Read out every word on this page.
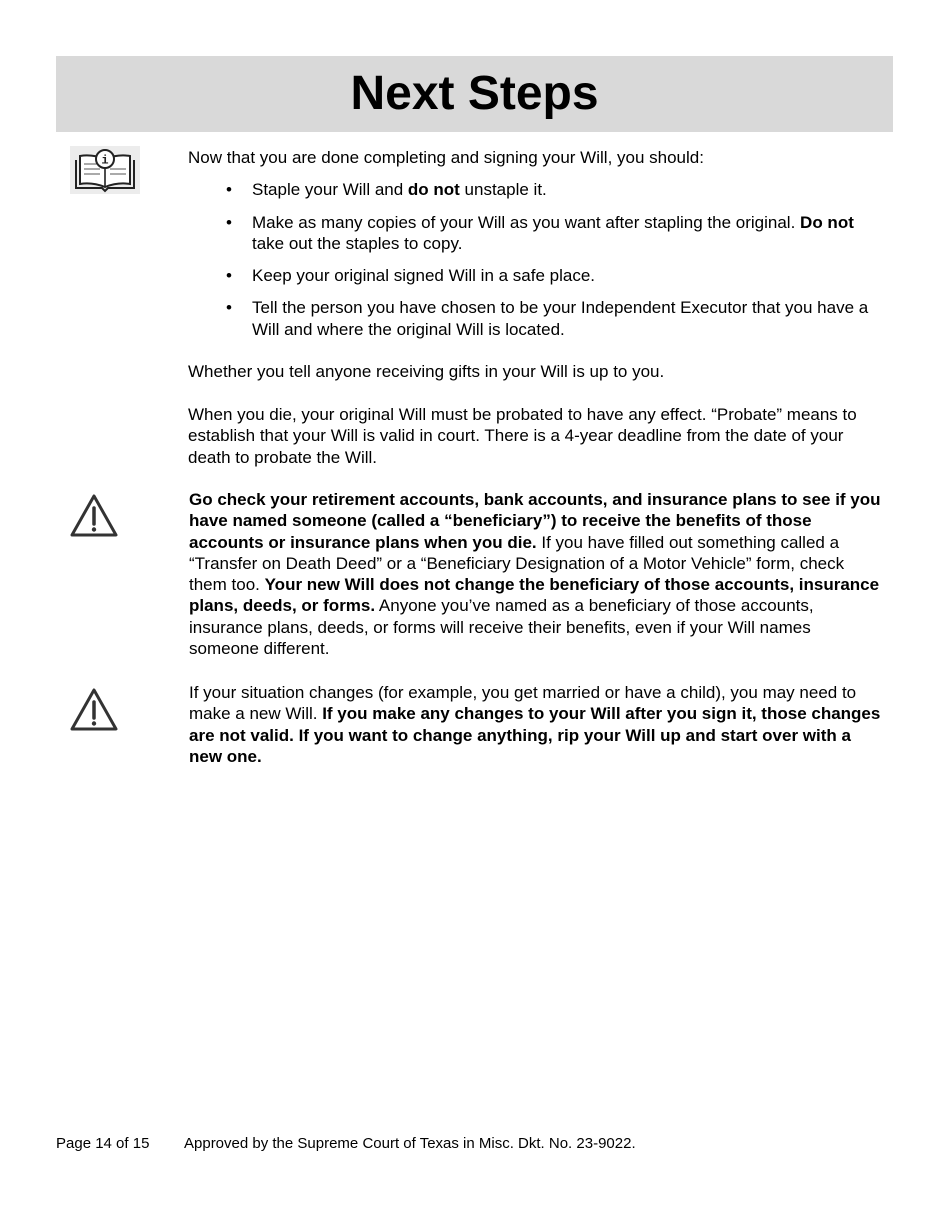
Next Steps
i	Now that you are done completing and signing your Will, you should:

• Staple your Will and do not unstaple it.
• Make as many copies of your Will as you want after stapling the original. Do not take out the staples to copy.
• Keep your original signed Will in a safe place.
• Tell the person you have chosen to be your Independent Executor that you have a Will and where the original Will is located.

Whether you tell anyone receiving gifts in your Will is up to you.

When you die, your original Will must be probated to have any effect. “Probate” means to establish that your Will is valid in court. There is a 4-year deadline from the date of your death to probate the Will.

Go check your retirement accounts, bank accounts, and insurance plans to see if you have named someone (called a “beneficiary”) to receive the benefits of those accounts or insurance plans when you die. If you have filled out something called a “Transfer on Death Deed” or a “Beneficiary Designation of a Motor Vehicle” form, check them too. Your new Will does not change the beneficiary of those accounts, insurance plans, deeds, or forms. Anyone you’ve named as a beneficiary of those accounts, insurance plans, deeds, or forms will receive their benefits, even if your Will names someone different.

If your situation changes (for example, you get married or have a child), you may need to make a new Will. If you make any changes to your Will after you sign it, those changes are not valid. If you want to change anything, rip your Will up and start over with a new one.

Page 14 of 15 Approved by the Supreme Court of Texas in Misc. Dkt. No. 23-9022.
